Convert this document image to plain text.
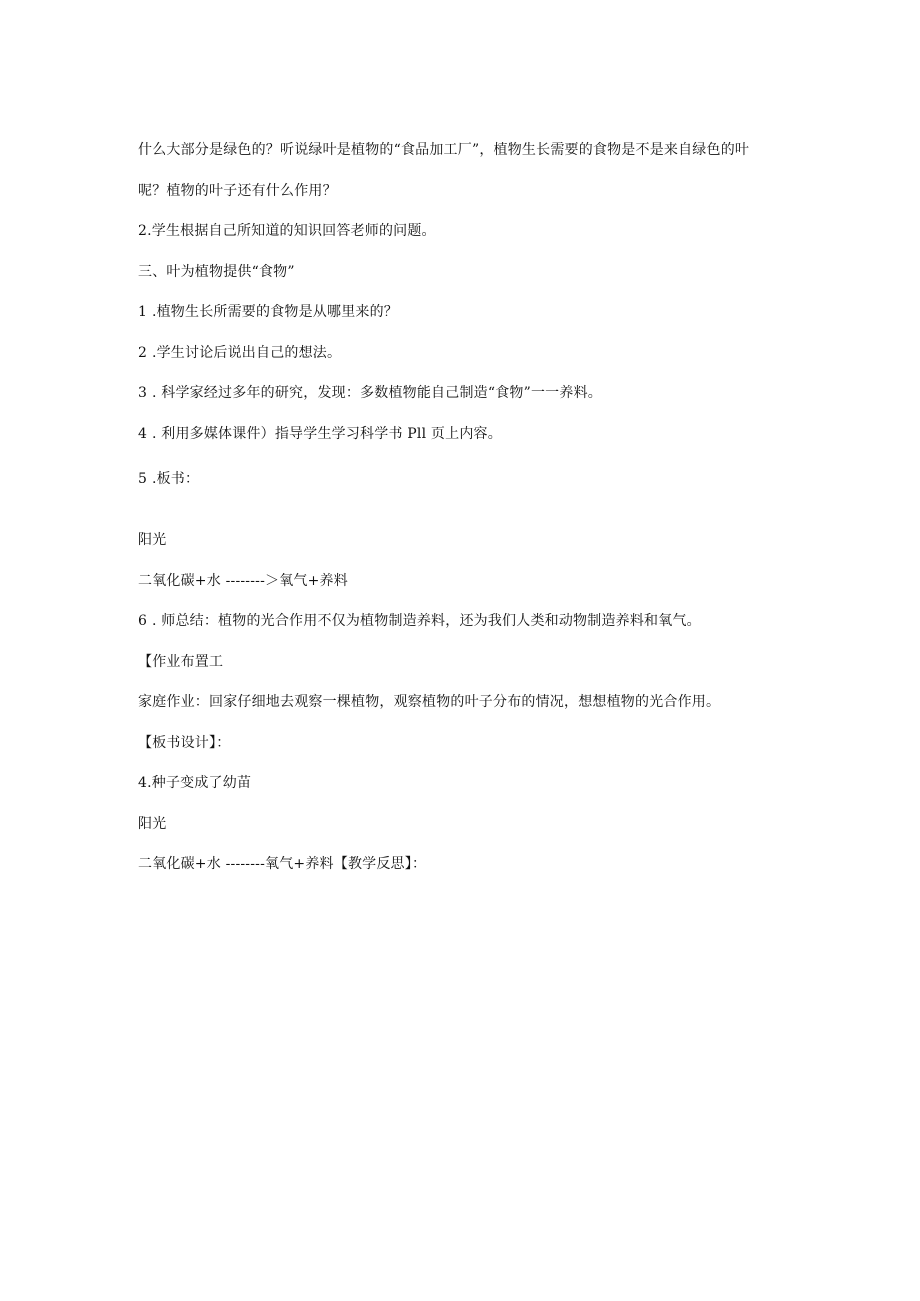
什么大部分是绿色的？听说绿叶是植物的“食品加工厂”，植物生长需要的食物是不是来自绿色的叶
呢？植物的叶子还有什么作用？
2.学生根据自己所知道的知识回答老师的问题。
三、叶为植物提供“食物”
1	.植物生长所需要的食物是从哪里来的？
2	.学生讨论后说出自己的想法。
3	. 科学家经过多年的研究，发现：多数植物能自己制造“食物”一一养料。
4	. 利用多媒体课件）指导学生学习科学书 Pll 页上内容。
5	.板书：
阳光
二氧化碳+水 --------＞氧气+养料
6	. 师总结：植物的光合作用不仅为植物制造养料，还为我们人类和动物制造养料和氧气。
【作业布置工
家庭作业：回家仔细地去观察一棵植物，观察植物的叶子分布的情况，想想植物的光合作用。
【板书设计】：
4.种子变成了幼苗
阳光
二氧化碳+水 --------氧气+养料【教学反思】：
